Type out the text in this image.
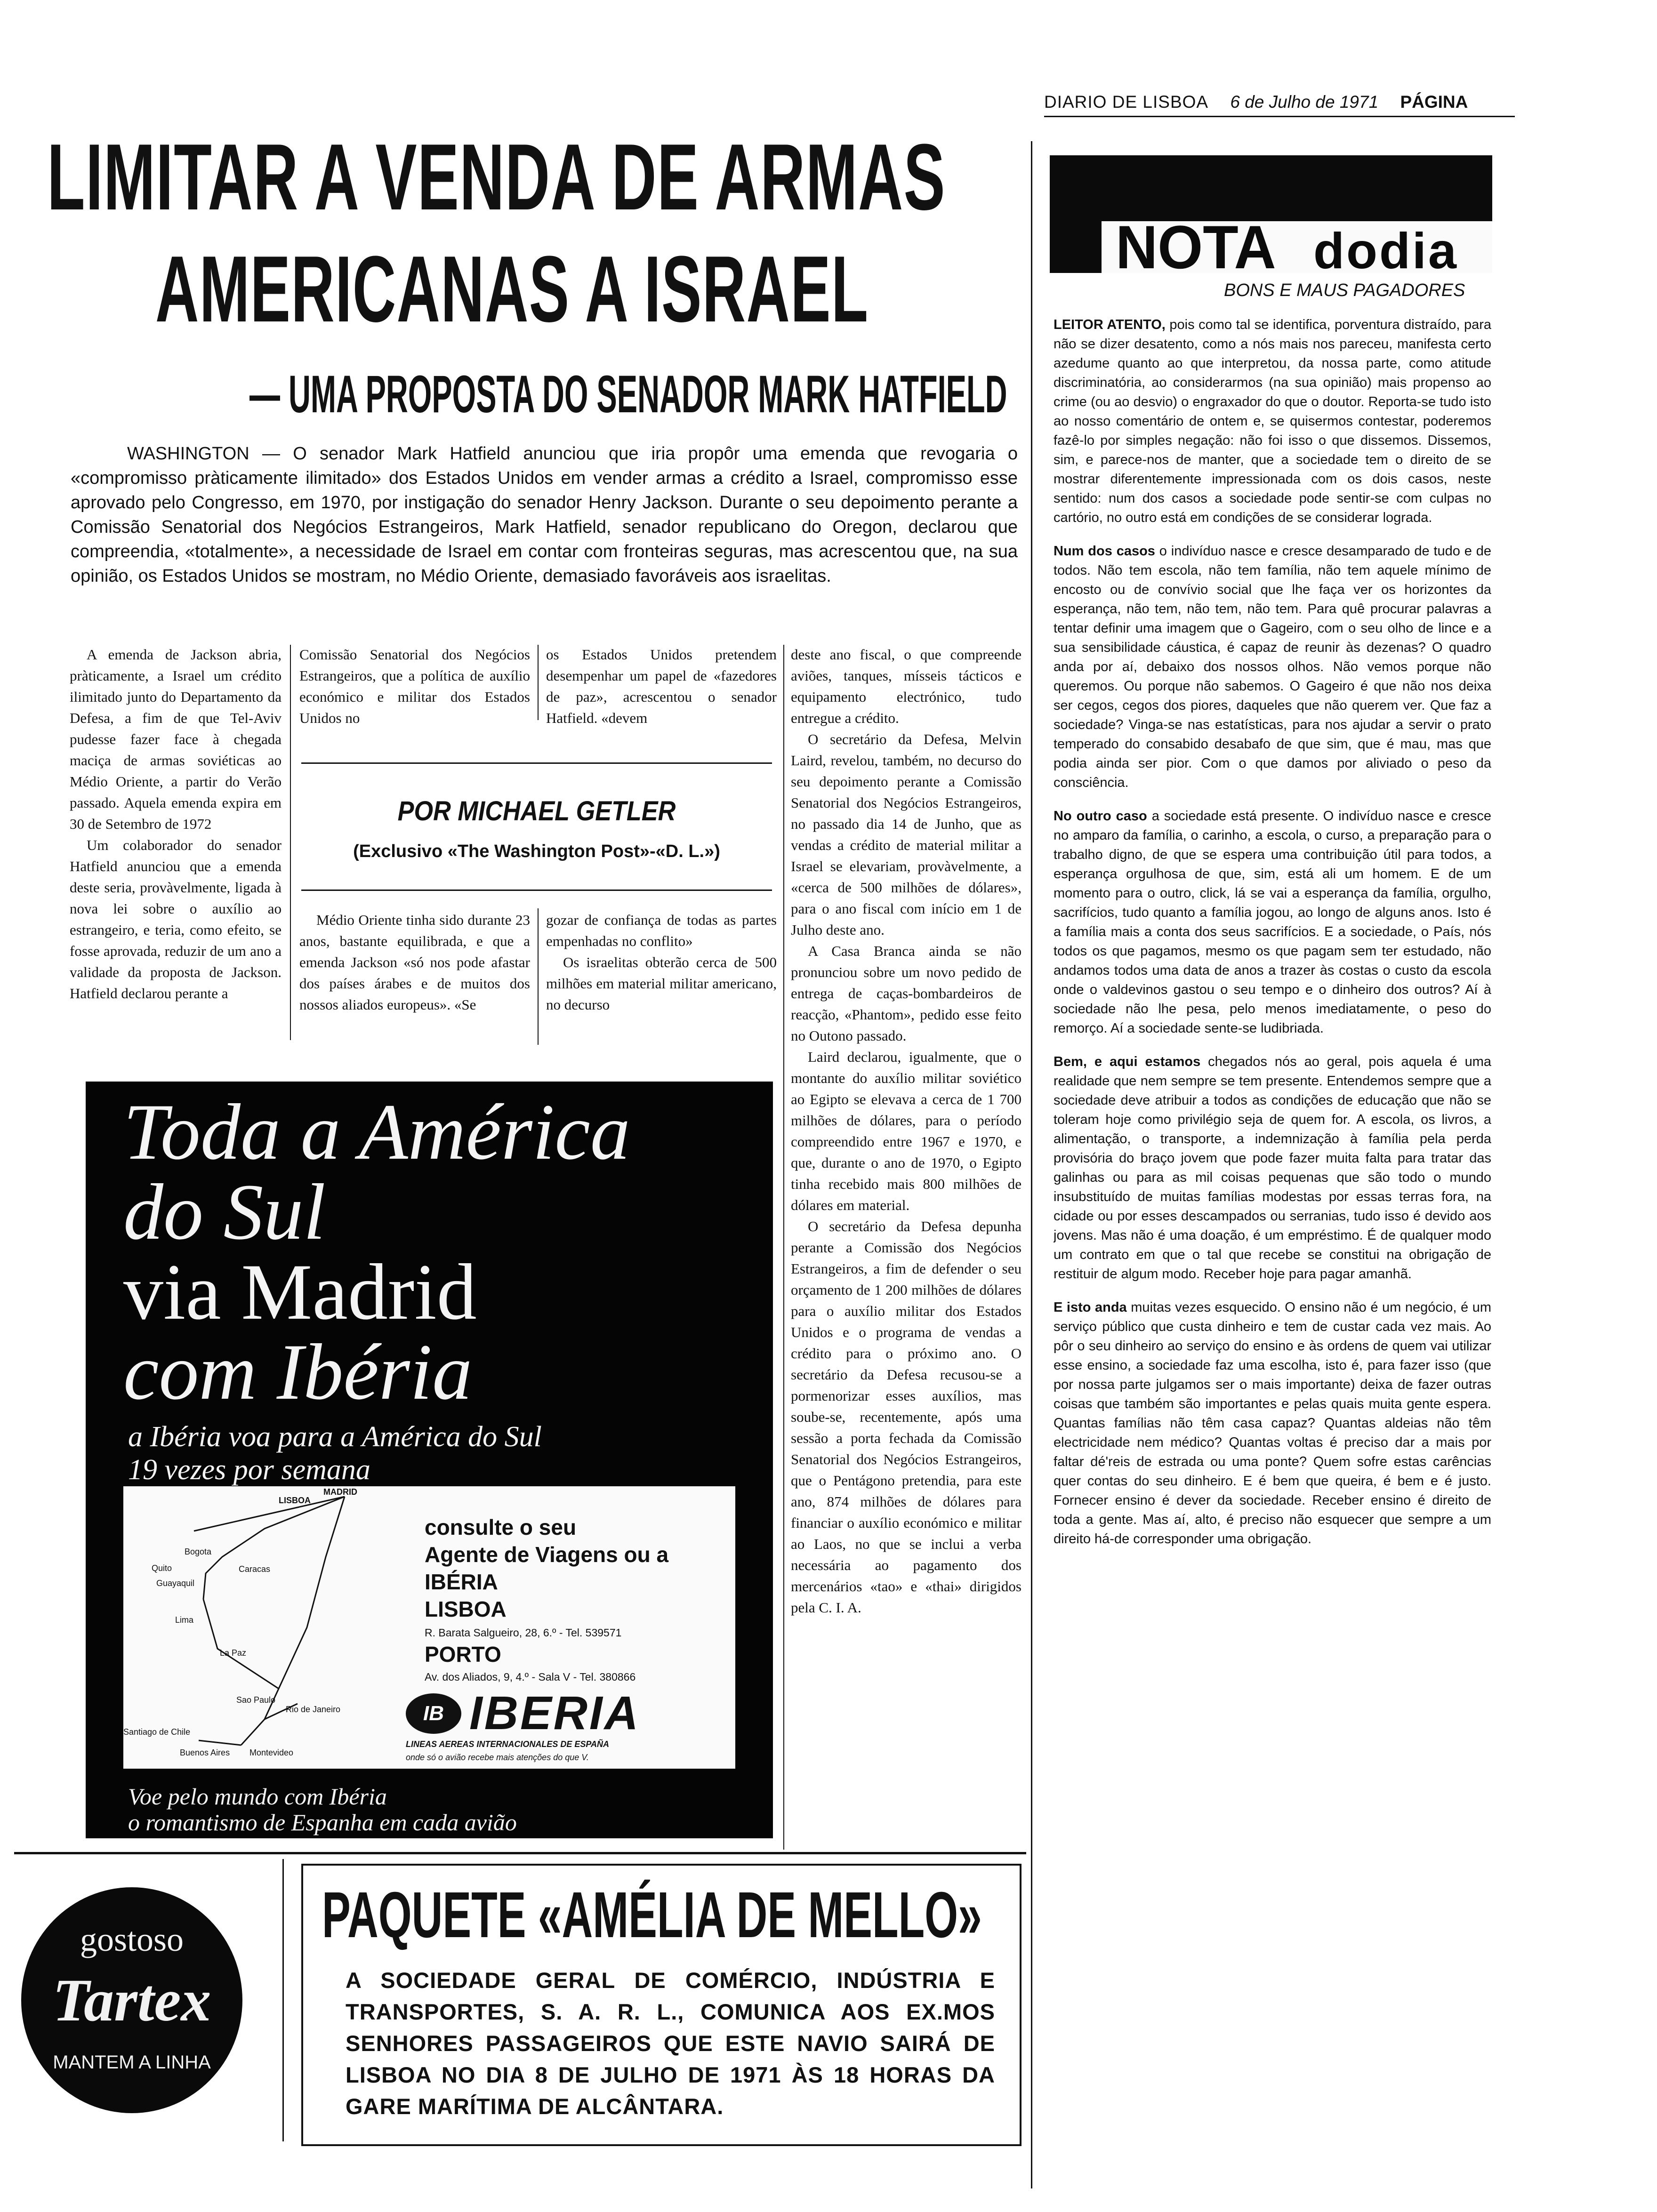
DIARIO DE LISBOA 6 de Julho de 1971 PÁGINA
LIMITAR A VENDA DE ARMAS
AMERICANAS A ISRAEL
— UMA PROPOSTA DO SENADOR MARK HATFIELD
WASHINGTON — O senador Mark Hatfield anunciou que iria propôr uma emenda que revogaria o «compromisso pràticamente ilimitado» dos Estados Unidos em vender armas a crédito a Israel, compromisso esse aprovado pelo Congresso, em 1970, por instigação do senador Henry Jackson. Durante o seu depoimento perante a Comissão Senatorial dos Negócios Estrangeiros, Mark Hatfield, senador republicano do Oregon, declarou que compreendia, «totalmente», a necessidade de Israel em contar com fronteiras seguras, mas acrescentou que, na sua opinião, os Estados Unidos se mostram, no Médio Oriente, demasiado favoráveis aos israelitas.

A emenda de Jackson abria, pràticamente, a Israel um crédito ilimitado junto do Departamento da Defesa, a fim de que Tel-Aviv pudesse fazer face à chegada maciça de armas soviéticas ao Médio Oriente, a partir do Verão passado. Aquela emenda expira em 30 de Setembro de 1972

Um colaborador do senador Hatfield anunciou que a emenda deste seria, provàvelmente, ligada à nova lei sobre o auxílio ao estrangeiro, e teria, como efeito, se fosse aprovada, reduzir de um ano a validade da proposta de Jackson. Hatfield declarou perante a

Comissão Senatorial dos Negócios Estrangeiros, que a política de auxílio económico e militar dos Estados Unidos no

os Estados Unidos pretendem desempenhar um papel de «fazedores de paz», acrescentou o senador Hatfield. «devem

POR MICHAEL GETLER
(Exclusivo «The Washington Post»-«D. L.»)

Médio Oriente tinha sido durante 23 anos, bastante equilibrada, e que a emenda Jackson «só nos pode afastar dos países árabes e de muitos dos nossos aliados europeus». «Se

gozar de confiança de todas as partes empenhadas no conflito»

Os israelitas obterão cerca de 500 milhões em material militar americano, no decurso

deste ano fiscal, o que compreende aviões, tanques, mísseis tácticos e equipamento electrónico, tudo entregue a crédito.

O secretário da Defesa, Melvin Laird, revelou, também, no decurso do seu depoimento perante a Comissão Senatorial dos Negócios Estrangeiros, no passado dia 14 de Junho, que as vendas a crédito de material militar a Israel se elevariam, provàvelmente, a «cerca de 500 milhões de dólares», para o ano fiscal com início em 1 de Julho deste ano.

A Casa Branca ainda se não pronunciou sobre um novo pedido de entrega de caças-bombardeiros de reacção, «Phantom», pedido esse feito no Outono passado.

Laird declarou, igualmente, que o montante do auxílio militar soviético ao Egipto se elevava a cerca de 1 700 milhões de dólares, para o período compreendido entre 1967 e 1970, e que, durante o ano de 1970, o Egipto tinha recebido mais 800 milhões de dólares em material.

O secretário da Defesa depunha perante a Comissão dos Negócios Estrangeiros, a fim de defender o seu orçamento de 1 200 milhões de dólares para o auxílio militar dos Estados Unidos e o programa de vendas a crédito para o próximo ano. O secretário da Defesa recusou-se a pormenorizar esses auxílios, mas soube-se, recentemente, após uma sessão a porta fechada da Comissão Senatorial dos Negócios Estrangeiros, que o Pentágono pretendia, para este ano, 874 milhões de dólares para financiar o auxílio económico e militar ao Laos, no que se inclui a verba necessária ao pagamento dos mercenários «tao» e «thai» dirigidos pela C. I. A.

Toda a América
do Sul
via Madrid
com Ibéria
a Ibéria voa para a América do Sul
19 vezes por semana
MADRID
LISBOA
Bogota
Caracas
Quito
Guayaquil
Lima
La Paz
Sao Paulo
Rio de Janeiro
Santiago de Chile
Buenos Aires Montevideo
consulte o seu
Agente de Viagens ou a
IBÉRIA
LISBOA
R. Barata Salgueiro, 28, 6.º - Tel. 539571
PORTO
Av. dos Aliados, 9, 4.º - Sala V - Tel. 380866
IB IBERIA
LINEAS AEREAS INTERNACIONALES DE ESPAÑA
onde só o avião recebe mais atenções do que V.
Voe pelo mundo com Ibéria
o romantismo de Espanha em cada avião
gostoso
Tartex
MANTEM A LINHA
PAQUETE «AMÉLIA DE MELLO»
A SOCIEDADE GERAL DE COMÉRCIO, INDÚSTRIA E TRANSPORTES, S. A. R. L., COMUNICA AOS EX.MOS SENHORES PASSAGEIROS QUE ESTE NAVIO SAIRÁ DE LISBOA NO DIA 8 DE JULHO DE 1971 ÀS 18 HORAS DA GARE MARÍTIMA DE ALCÂNTARA.
NOTA dodia
BONS E MAUS PAGADORES

LEITOR ATENTO, pois como tal se identifica, porventura distraído, para não se dizer desatento, como a nós mais nos pareceu, manifesta certo azedume quanto ao que interpretou, da nossa parte, como atitude discriminatória, ao considerarmos (na sua opinião) mais propenso ao crime (ou ao desvio) o engraxador do que o doutor. Reporta-se tudo isto ao nosso comentário de ontem e, se quisermos contestar, poderemos fazê-lo por simples negação: não foi isso o que dissemos. Dissemos, sim, e parece-nos de manter, que a sociedade tem o direito de se mostrar diferentemente impressionada com os dois casos, neste sentido: num dos casos a sociedade pode sentir-se com culpas no cartório, no outro está em condições de se considerar lograda.

Num dos casos o indivíduo nasce e cresce desamparado de tudo e de todos. Não tem escola, não tem família, não tem aquele mínimo de encosto ou de convívio social que lhe faça ver os horizontes da esperança, não tem, não tem, não tem. Para quê procurar palavras a tentar definir uma imagem que o Gageiro, com o seu olho de lince e a sua sensibilidade cáustica, é capaz de reunir às dezenas? O quadro anda por aí, debaixo dos nossos olhos. Não vemos porque não queremos. Ou porque não sabemos. O Gageiro é que não nos deixa ser cegos, cegos dos piores, daqueles que não querem ver. Que faz a sociedade? Vinga-se nas estatísticas, para nos ajudar a servir o prato temperado do consabido desabafo de que sim, que é mau, mas que podia ainda ser pior. Com o que damos por aliviado o peso da consciência.

No outro caso a sociedade está presente. O indivíduo nasce e cresce no amparo da família, o carinho, a escola, o curso, a preparação para o trabalho digno, de que se espera uma contribuição útil para todos, a esperança orgulhosa de que, sim, está ali um homem. E de um momento para o outro, click, lá se vai a esperança da família, orgulho, sacrifícios, tudo quanto a família jogou, ao longo de alguns anos. Isto é a família mais a conta dos seus sacrifícios. E a sociedade, o País, nós todos os que pagamos, mesmo os que pagam sem ter estudado, não andamos todos uma data de anos a trazer às costas o custo da escola onde o valdevinos gastou o seu tempo e o dinheiro dos outros? Aí à sociedade não lhe pesa, pelo menos imediatamente, o peso do remorço. Aí a sociedade sente-se ludibriada.

Bem, e aqui estamos chegados nós ao geral, pois aquela é uma realidade que nem sempre se tem presente. Entendemos sempre que a sociedade deve atribuir a todos as condições de educação que não se toleram hoje como privilégio seja de quem for. A escola, os livros, a alimentação, o transporte, a indemnização à família pela perda provisória do braço jovem que pode fazer muita falta para tratar das galinhas ou para as mil coisas pequenas que são todo o mundo insubstituído de muitas famílias modestas por essas terras fora, na cidade ou por esses descampados ou serranias, tudo isso é devido aos jovens. Mas não é uma doação, é um empréstimo. É de qualquer modo um contrato em que o tal que recebe se constitui na obrigação de restituir de algum modo. Receber hoje para pagar amanhã.

E isto anda muitas vezes esquecido. O ensino não é um negócio, é um serviço público que custa dinheiro e tem de custar cada vez mais. Ao pôr o seu dinheiro ao serviço do ensino e às ordens de quem vai utilizar esse ensino, a sociedade faz uma escolha, isto é, para fazer isso (que por nossa parte julgamos ser o mais importante) deixa de fazer outras coisas que também são importantes e pelas quais muita gente espera. Quantas famílias não têm casa capaz? Quantas aldeias não têm electricidade nem médico? Quantas voltas é preciso dar a mais por faltar dé'reis de estrada ou uma ponte? Quem sofre estas carências quer contas do seu dinheiro. E é bem que queira, é bem e é justo. Fornecer ensino é dever da sociedade. Receber ensino é direito de toda a gente. Mas aí, alto, é preciso não esquecer que sempre a um direito há-de corresponder uma obrigação.
